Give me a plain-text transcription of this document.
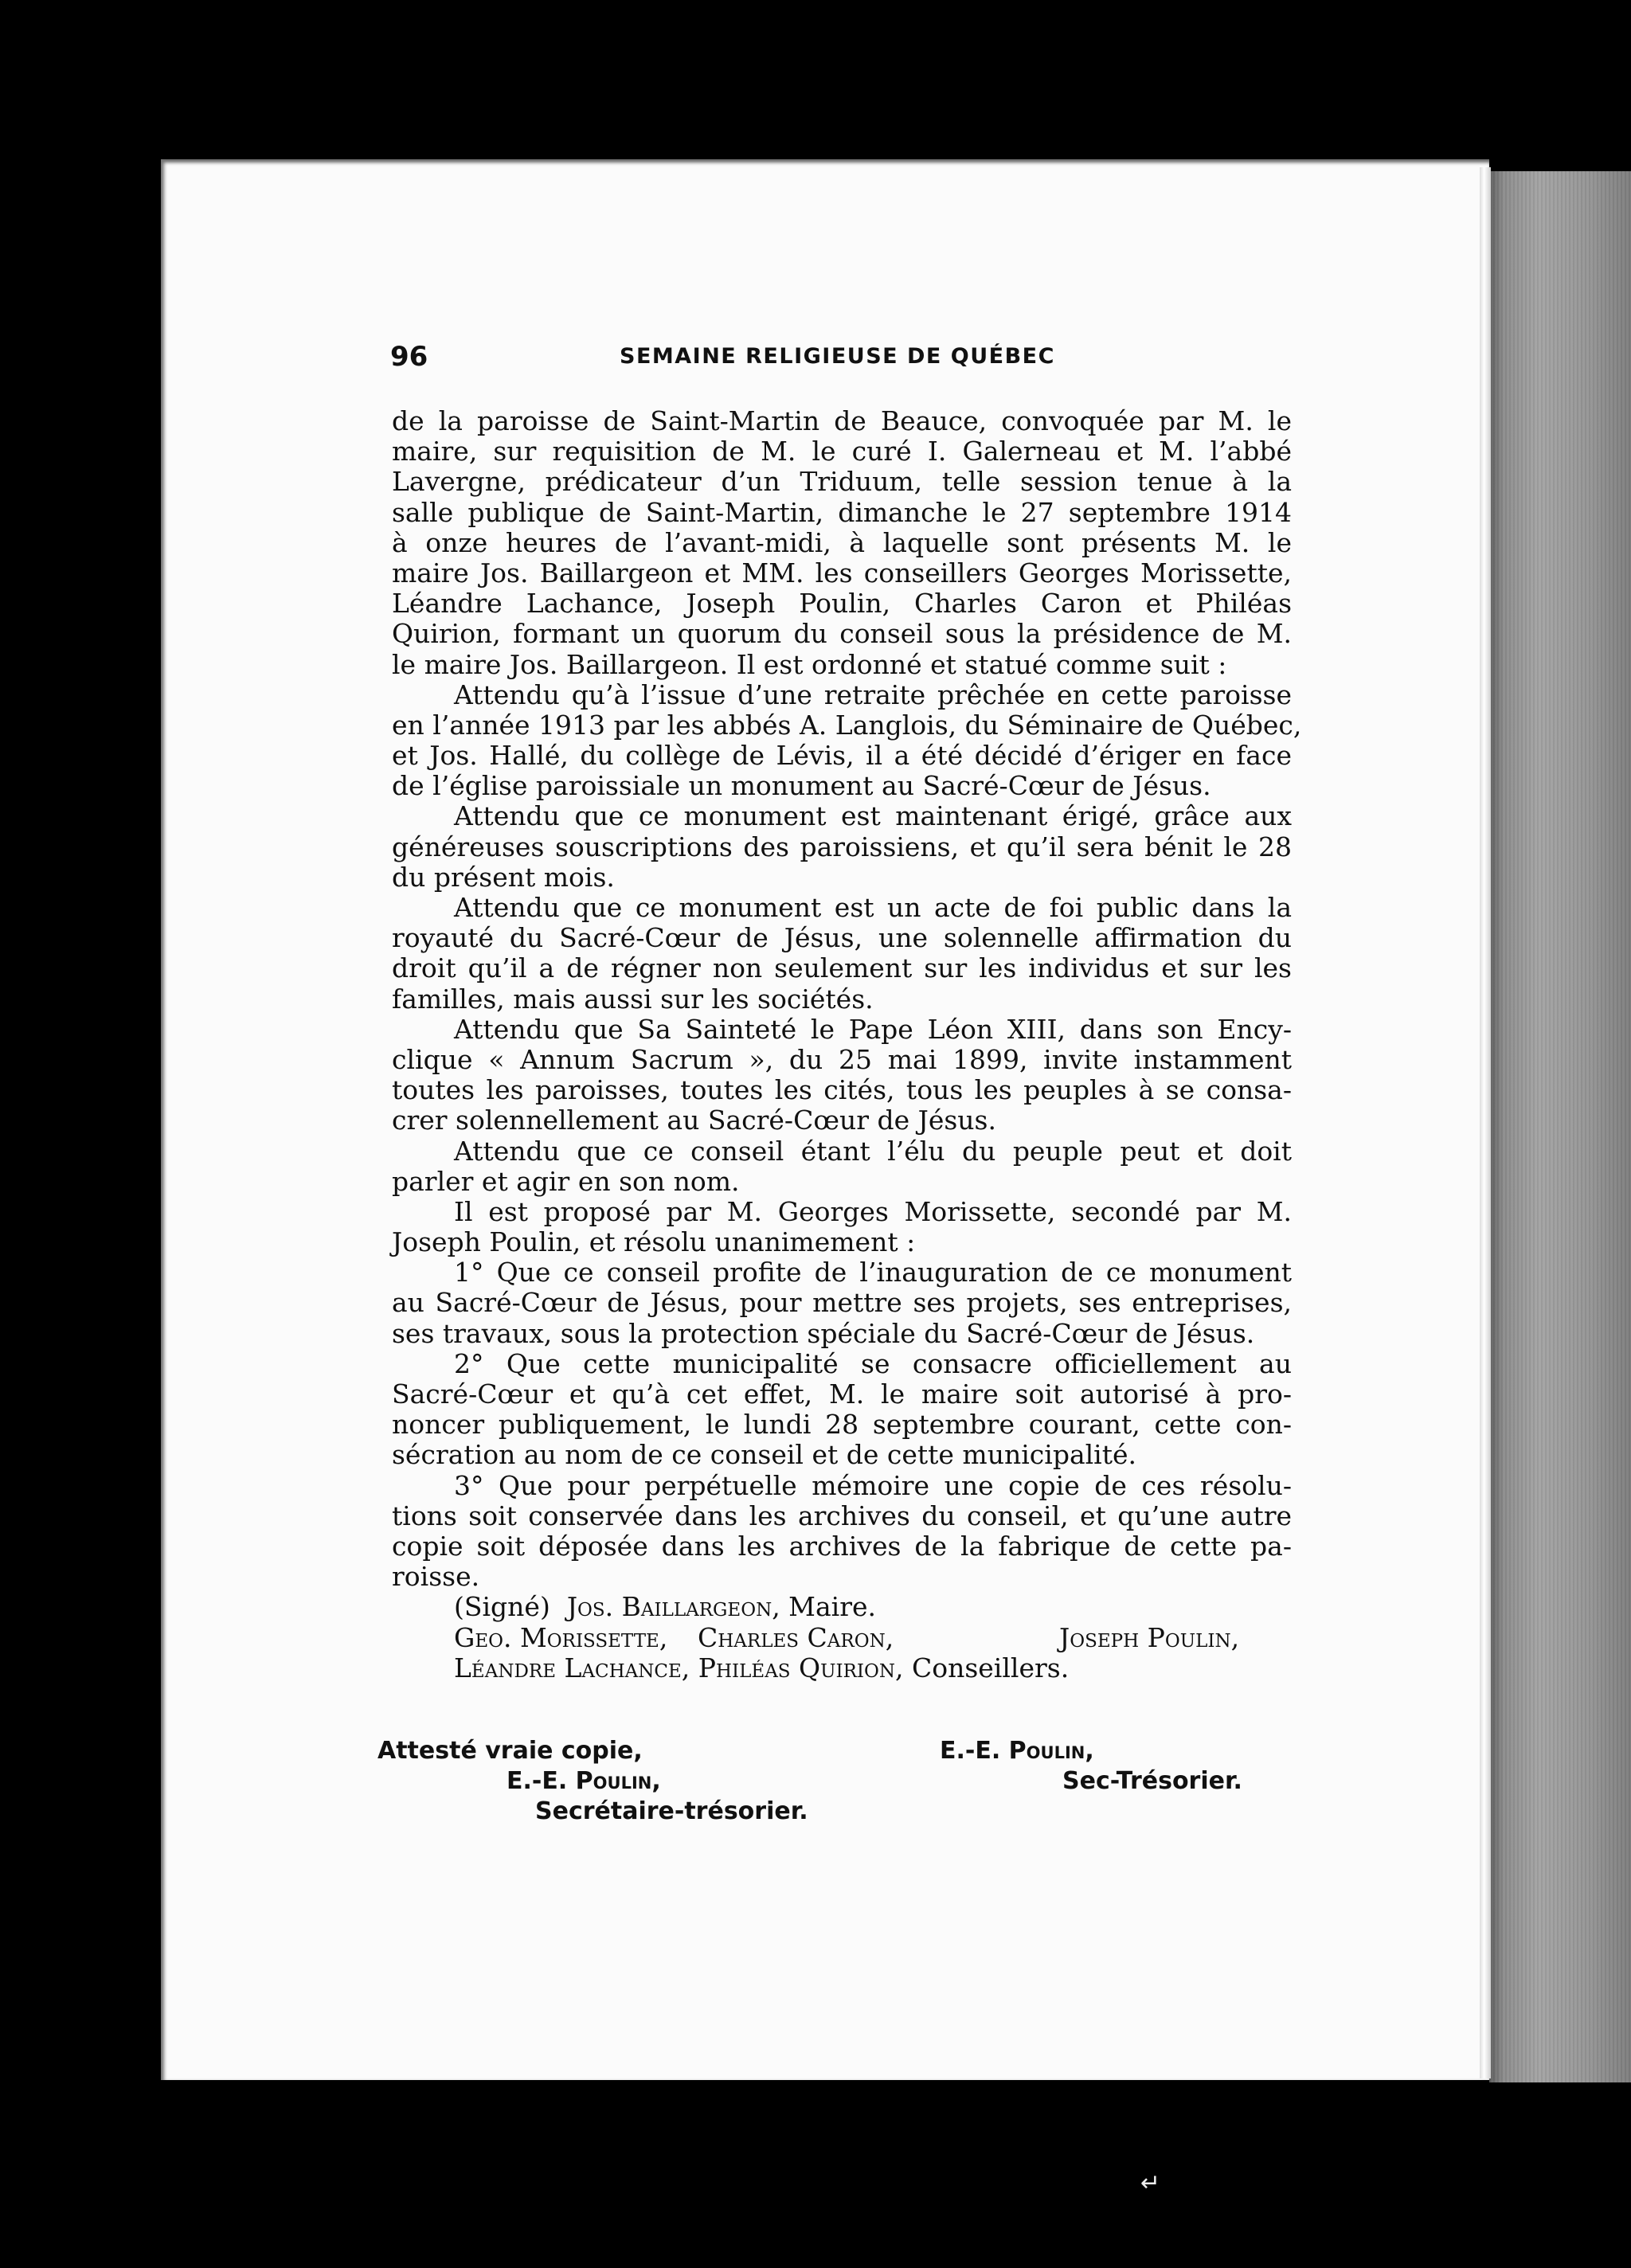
96	SEMAINE RELIGIEUSE DE QUÉBEC
de la paroisse de Saint-Martin de Beauce, convoquée par M. le
maire, sur requisition de M. le curé I. Galerneau et M. l’abbé
Lavergne, prédicateur d’un Triduum, telle session tenue à la
salle publique de Saint-Martin, dimanche le 27 septembre 1914
à onze heures de l’avant-midi, à laquelle sont présents M. le
maire Jos. Baillargeon et MM. les conseillers Georges Morissette,
Léandre Lachance, Joseph Poulin, Charles Caron et Philéas
Quirion, formant un quorum du conseil sous la présidence de M.
le maire Jos. Baillargeon. Il est ordonné et statué comme suit :
Attendu qu’à l’issue d’une retraite prêchée en cette paroisse
en l’année 1913 par les abbés A. Langlois, du Séminaire de Québec,
et Jos. Hallé, du collège de Lévis, il a été décidé d’ériger en face
de l’église paroissiale un monument au Sacré-Cœur de Jésus.
Attendu que ce monument est maintenant érigé, grâce aux
généreuses souscriptions des paroissiens, et qu’il sera bénit le 28
du présent mois.
Attendu que ce monument est un acte de foi public dans la
royauté du Sacré-Cœur de Jésus, une solennelle affirmation du
droit qu’il a de régner non seulement sur les individus et sur les
familles, mais aussi sur les sociétés.
Attendu que Sa Sainteté le Pape Léon XIII, dans son Ency-
clique « Annum Sacrum », du 25 mai 1899, invite instamment
toutes les paroisses, toutes les cités, tous les peuples à se consa-
crer solennellement au Sacré-Cœur de Jésus.
Attendu que ce conseil étant l’élu du peuple peut et doit
parler et agir en son nom.
Il est proposé par M. Georges Morissette, secondé par M.
Joseph Poulin, et résolu unanimement :
1° Que ce conseil profite de l’inauguration de ce monument
au Sacré-Cœur de Jésus, pour mettre ses projets, ses entreprises,
ses travaux, sous la protection spéciale du Sacré-Cœur de Jésus.
2° Que cette municipalité se consacre officiellement au
Sacré-Cœur et qu’à cet effet, M. le maire soit autorisé à pro-
noncer publiquement, le lundi 28 septembre courant, cette con-
sécration au nom de ce conseil et de cette municipalité.
3° Que pour perpétuelle mémoire une copie de ces résolu-
tions soit conservée dans les archives du conseil, et qu’une autre
copie soit déposée dans les archives de la fabrique de cette pa-
roisse.
(Signé) Jos. Baillargeon, Maire.
Geo. Morissette, Charles Caron,	Joseph Poulin,
Léandre Lachance, Philéas Quirion, Conseillers.
Attesté vraie copie,
E.-E. Poulin,
Secrétaire-trésorier.
E.-E. Poulin,
Sec-Trésorier.
↵
